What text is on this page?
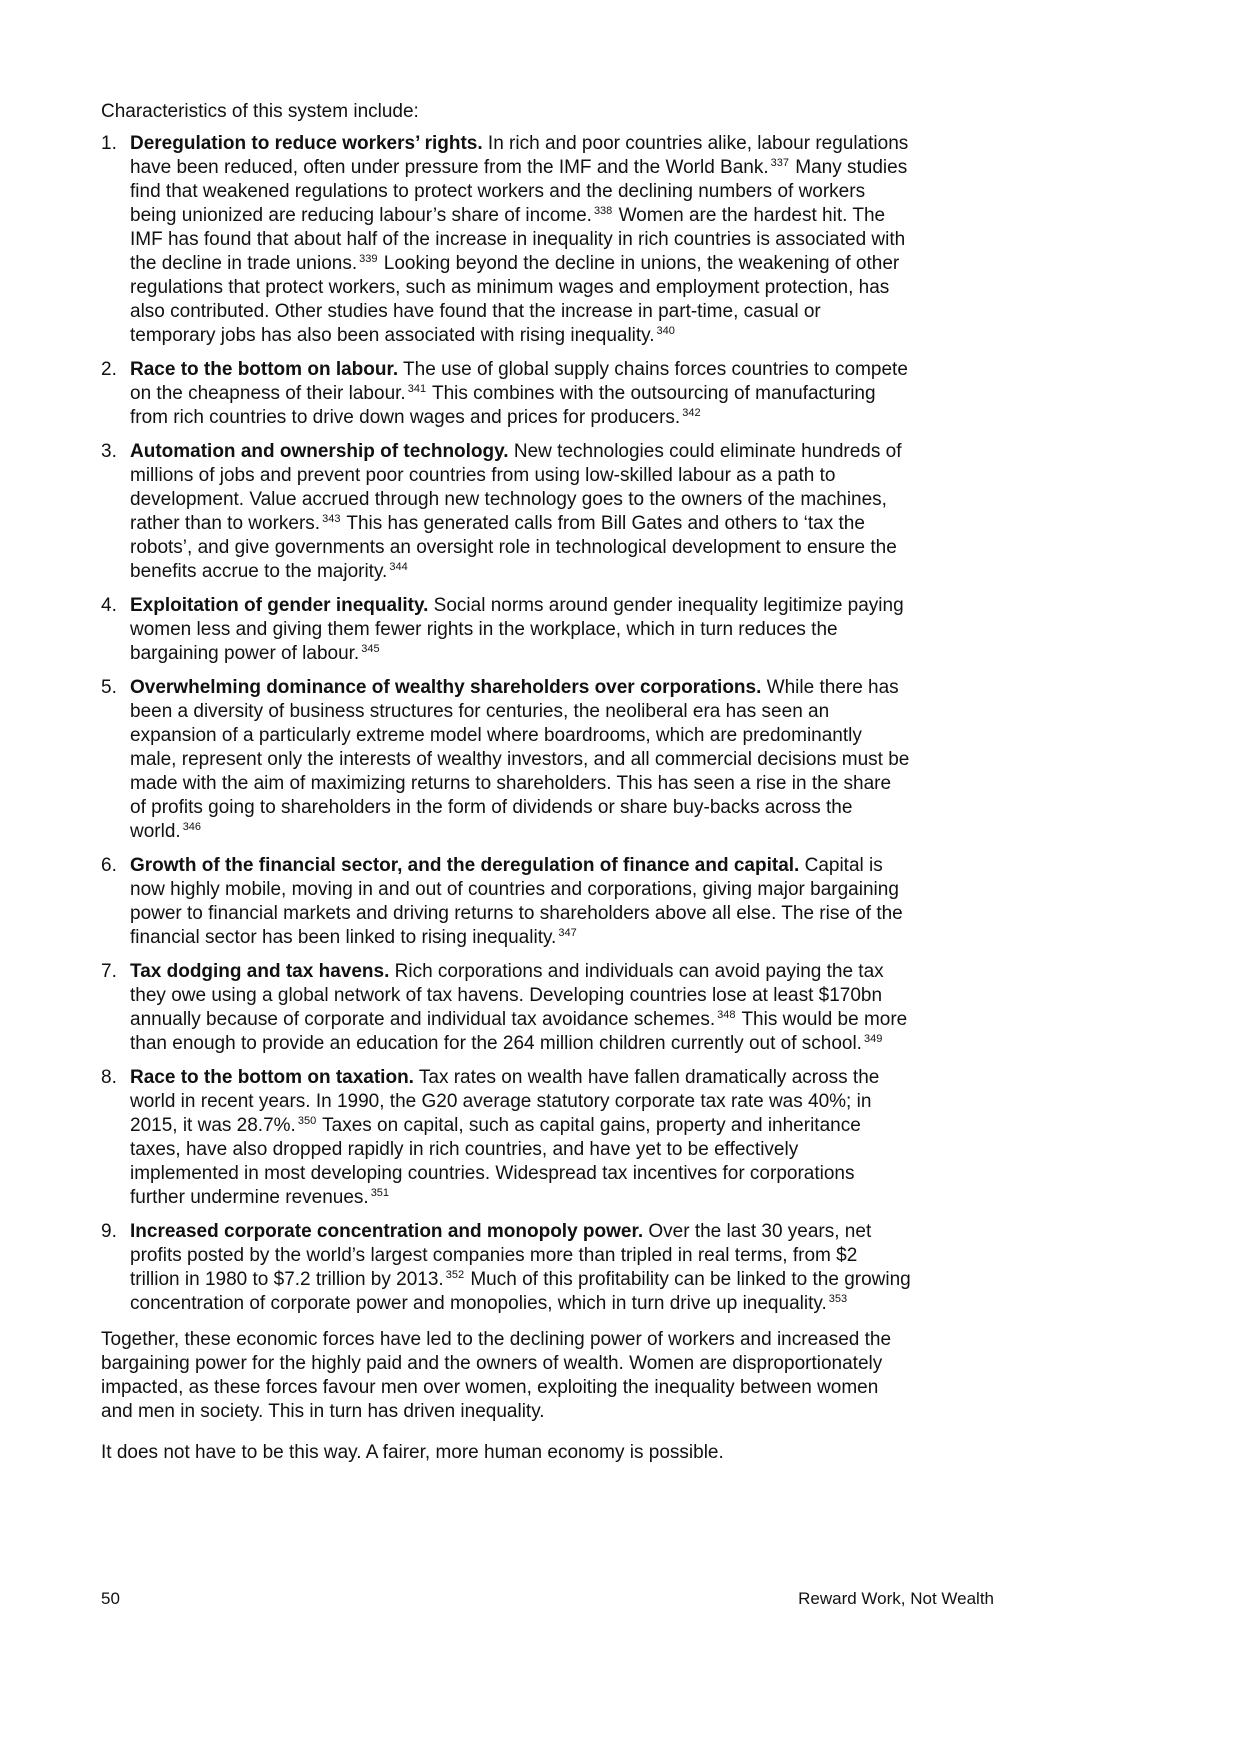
Characteristics of this system include:

1. Deregulation to reduce workers’ rights. In rich and poor countries alike, labour regulations have been reduced, often under pressure from the IMF and the World Bank. $^{337}$ Many studies find that weakened regulations to protect workers and the declining numbers of workers being unionized are reducing labour’s share of income. $^{338}$ Women are the hardest hit. The IMF has found that about half of the increase in inequality in rich countries is associated with the decline in trade unions. $^{339}$ Looking beyond the decline in unions, the weakening of other regulations that protect workers, such as minimum wages and employment protection, has also contributed. Other studies have found that the increase in part-time, casual or temporary jobs has also been associated with rising inequality. $^{340}$
2. Race to the bottom on labour. The use of global supply chains forces countries to compete on the cheapness of their labour. $^{341}$ This combines with the outsourcing of manufacturing from rich countries to drive down wages and prices for producers. $^{342}$
3. Automation and ownership of technology. New technologies could eliminate hundreds of millions of jobs and prevent poor countries from using low-skilled labour as a path to development. Value accrued through new technology goes to the owners of the machines, rather than to workers. $^{343}$ This has generated calls from Bill Gates and others to ‘tax the robots’, and give governments an oversight role in technological development to ensure the benefits accrue to the majority. $^{344}$
4. Exploitation of gender inequality. Social norms around gender inequality legitimize paying women less and giving them fewer rights in the workplace, which in turn reduces the bargaining power of labour. $^{345}$
5. Overwhelming dominance of wealthy shareholders over corporations. While there has been a diversity of business structures for centuries, the neoliberal era has seen an expansion of a particularly extreme model where boardrooms, which are predominantly male, represent only the interests of wealthy investors, and all commercial decisions must be made with the aim of maximizing returns to shareholders. This has seen a rise in the share of profits going to shareholders in the form of dividends or share buy-backs across the world. $^{346}$
6. Growth of the financial sector, and the deregulation of finance and capital. Capital is now highly mobile, moving in and out of countries and corporations, giving major bargaining power to financial markets and driving returns to shareholders above all else. The rise of the financial sector has been linked to rising inequality. $^{347}$
7. Tax dodging and tax havens. Rich corporations and individuals can avoid paying the tax they owe using a global network of tax havens. Developing countries lose at least $170bn annually because of corporate and individual tax avoidance schemes. $^{348}$ This would be more than enough to provide an education for the 264 million children currently out of school. $^{349}$
8. Race to the bottom on taxation. Tax rates on wealth have fallen dramatically across the world in recent years. In 1990, the G20 average statutory corporate tax rate was 40%; in 2015, it was 28.7%. $^{350}$ Taxes on capital, such as capital gains, property and inheritance taxes, have also dropped rapidly in rich countries, and have yet to be effectively implemented in most developing countries. Widespread tax incentives for corporations further undermine revenues. $^{351}$
9. Increased corporate concentration and monopoly power. Over the last 30 years, net profits posted by the world’s largest companies more than tripled in real terms, from $2 trillion in 1980 to $7.2 trillion by 2013. $^{352}$ Much of this profitability can be linked to the growing concentration of corporate power and monopolies, which in turn drive up inequality. $^{353}$

Together, these economic forces have led to the declining power of workers and increased the bargaining power for the highly paid and the owners of wealth. Women are disproportionately impacted, as these forces favour men over women, exploiting the inequality between women and men in society. This in turn has driven inequality.

It does not have to be this way. A fairer, more human economy is possible.

50	Reward Work, Not Wealth
